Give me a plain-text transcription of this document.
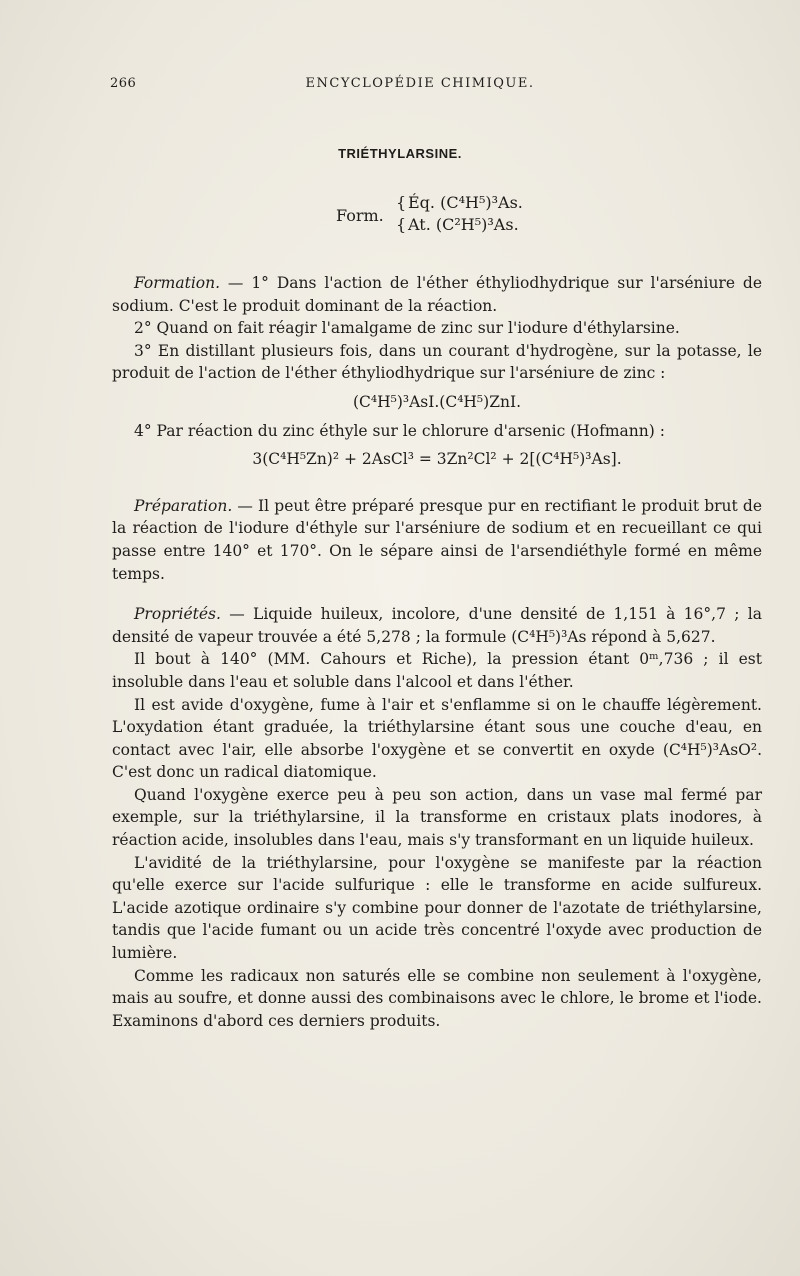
266	ENCYCLOPÉDIE CHIMIQUE.
TRIÉTHYLARSINE.
Form.
{
{
Éq. (C⁴H⁵)³As.
At. (C²H⁵)³As.

Formation. — 1° Dans l'action de l'éther éthyliodhydrique sur l'arséniure de sodium. C'est le produit dominant de la réaction.

2° Quand on fait réagir l'amalgame de zinc sur l'iodure d'éthylarsine.

3° En distillant plusieurs fois, dans un courant d'hydrogène, sur la potasse, le produit de l'action de l'éther éthyliodhydrique sur l'arséniure de zinc :

(C⁴H⁵)³AsI.(C⁴H⁵)ZnI.

4° Par réaction du zinc éthyle sur le chlorure d'arsenic (Hofmann) :

3(C⁴H⁵Zn)² + 2AsCl³ = 3Zn²Cl² + 2[(C⁴H⁵)³As].

Préparation. — Il peut être préparé presque pur en rectifiant le produit brut de la réaction de l'iodure d'éthyle sur l'arséniure de sodium et en recueillant ce qui passe entre 140° et 170°. On le sépare ainsi de l'arsendiéthyle formé en même temps.

Propriétés. — Liquide huileux, incolore, d'une densité de 1,151 à 16°,7 ; la densité de vapeur trouvée a été 5,278 ; la formule (C⁴H⁵)³As répond à 5,627.

Il bout à 140° (MM. Cahours et Riche), la pression étant 0ᵐ,736 ; il est insoluble dans l'eau et soluble dans l'alcool et dans l'éther.

Il est avide d'oxygène, fume à l'air et s'enflamme si on le chauffe légèrement. L'oxydation étant graduée, la triéthylarsine étant sous une couche d'eau, en contact avec l'air, elle absorbe l'oxygène et se convertit en oxyde (C⁴H⁵)³AsO². C'est donc un radical diatomique.

Quand l'oxygène exerce peu à peu son action, dans un vase mal fermé par exemple, sur la triéthylarsine, il la transforme en cristaux plats inodores, à réaction acide, insolubles dans l'eau, mais s'y transformant en un liquide huileux.

L'avidité de la triéthylarsine, pour l'oxygène se manifeste par la réaction qu'elle exerce sur l'acide sulfurique : elle le transforme en acide sulfureux. L'acide azotique ordinaire s'y combine pour donner de l'azotate de triéthylarsine, tandis que l'acide fumant ou un acide très concentré l'oxyde avec production de lumière.

Comme les radicaux non saturés elle se combine non seulement à l'oxygène, mais au soufre, et donne aussi des combinaisons avec le chlore, le brome et l'iode. Examinons d'abord ces derniers produits.
